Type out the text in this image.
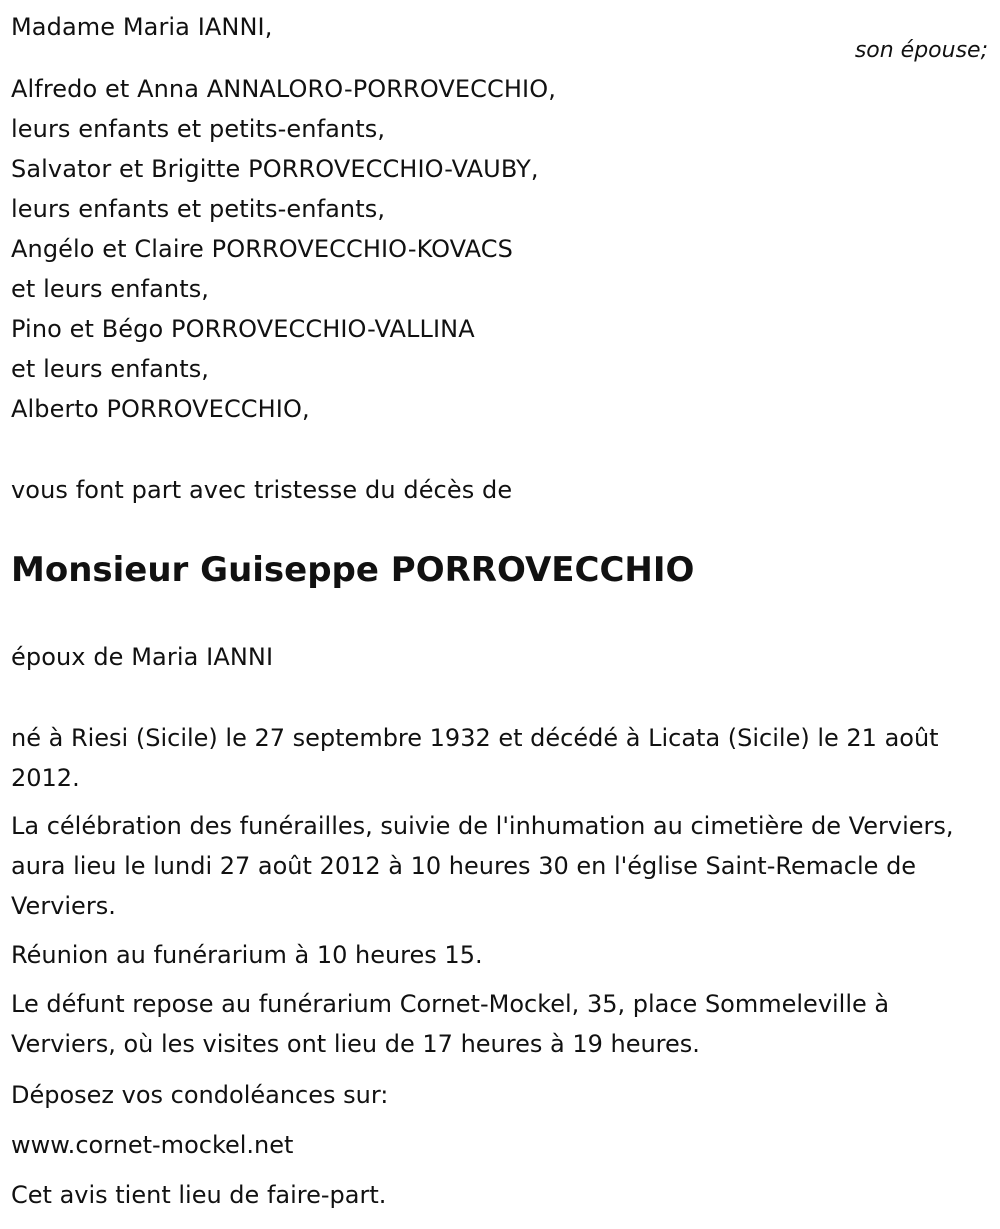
Madame Maria IANNI,
son épouse;
Alfredo et Anna ANNALORO-PORROVECCHIO,
leurs enfants et petits-enfants,
Salvator et Brigitte PORROVECCHIO-VAUBY,
leurs enfants et petits-enfants,
Angélo et Claire PORROVECCHIO-KOVACS
et leurs enfants,
Pino et Bégo PORROVECCHIO-VALLINA
et leurs enfants,
Alberto PORROVECCHIO,
vous font part avec tristesse du décès de
Monsieur Guiseppe PORROVECCHIO
époux de Maria IANNI
né à Riesi (Sicile) le 27 septembre 1932 et décédé à Licata (Sicile) le 21 août 2012.
La célébration des funérailles, suivie de l'inhumation au cimetière de Verviers, aura lieu le lundi 27 août 2012 à 10 heures 30 en l'église Saint-Remacle de Verviers.
Réunion au funérarium à 10 heures 15.
Le défunt repose au funérarium Cornet-Mockel, 35, place Sommeleville à Verviers, où les visites ont lieu de 17 heures à 19 heures.
Déposez vos condoléances sur:
www.cornet-mockel.net
Cet avis tient lieu de faire-part.
